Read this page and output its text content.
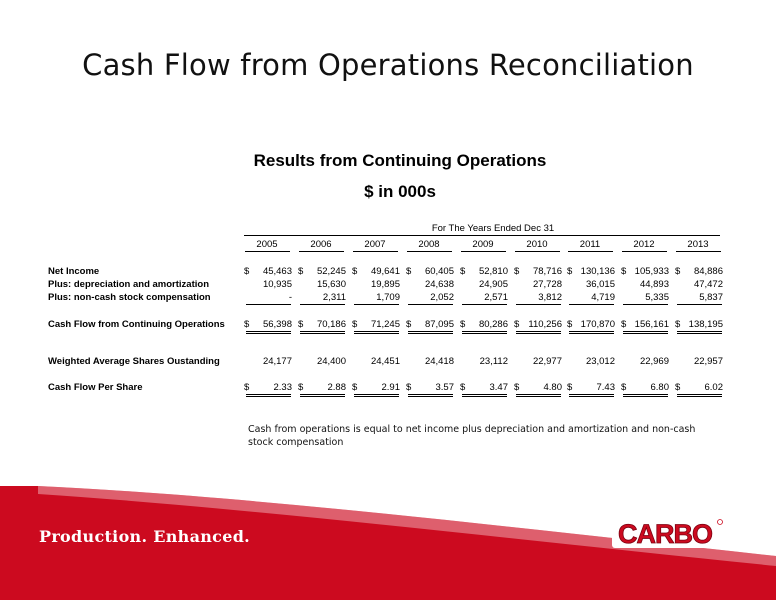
Cash Flow from Operations Reconciliation
Results from Continuing Operations
$ in 000s
For The Years Ended Dec 31
2005	2006	2007	2008	2009	2010	2011	2012	2013
Net Income	$	45,463 $	52,245 $	49,641 $	60,405 $	52,810 $	78,716 $ 130,136 $ 105,933 $	84,886
Plus: depreciation and amortization	10,935	15,630	19,895	24,638	24,905	27,728	36,015	44,893	47,472
Plus: non-cash stock compensation	-	2,311	1,709	2,052	2,571	3,812	4,719	5,335	5,837
Cash Flow from Continuing Operations $	56,398 $	70,186 $	71,245 $	87,095 $	80,286 $ 110,256 $ 170,870 $ 156,161 $ 138,195
Weighted Average Shares Oustanding	24,177	24,400	24,451	24,418	23,112	22,977	23,012	22,969	22,957
Cash Flow Per Share	$	2.33 $	2.88 $	2.91 $	3.57 $	3.47 $	4.80 $	7.43 $	6.80 $	6.02
Cash from operations is equal to net income plus depreciation and amortization and non-cash stock compensation
Production. Enhanced.	CARBO
